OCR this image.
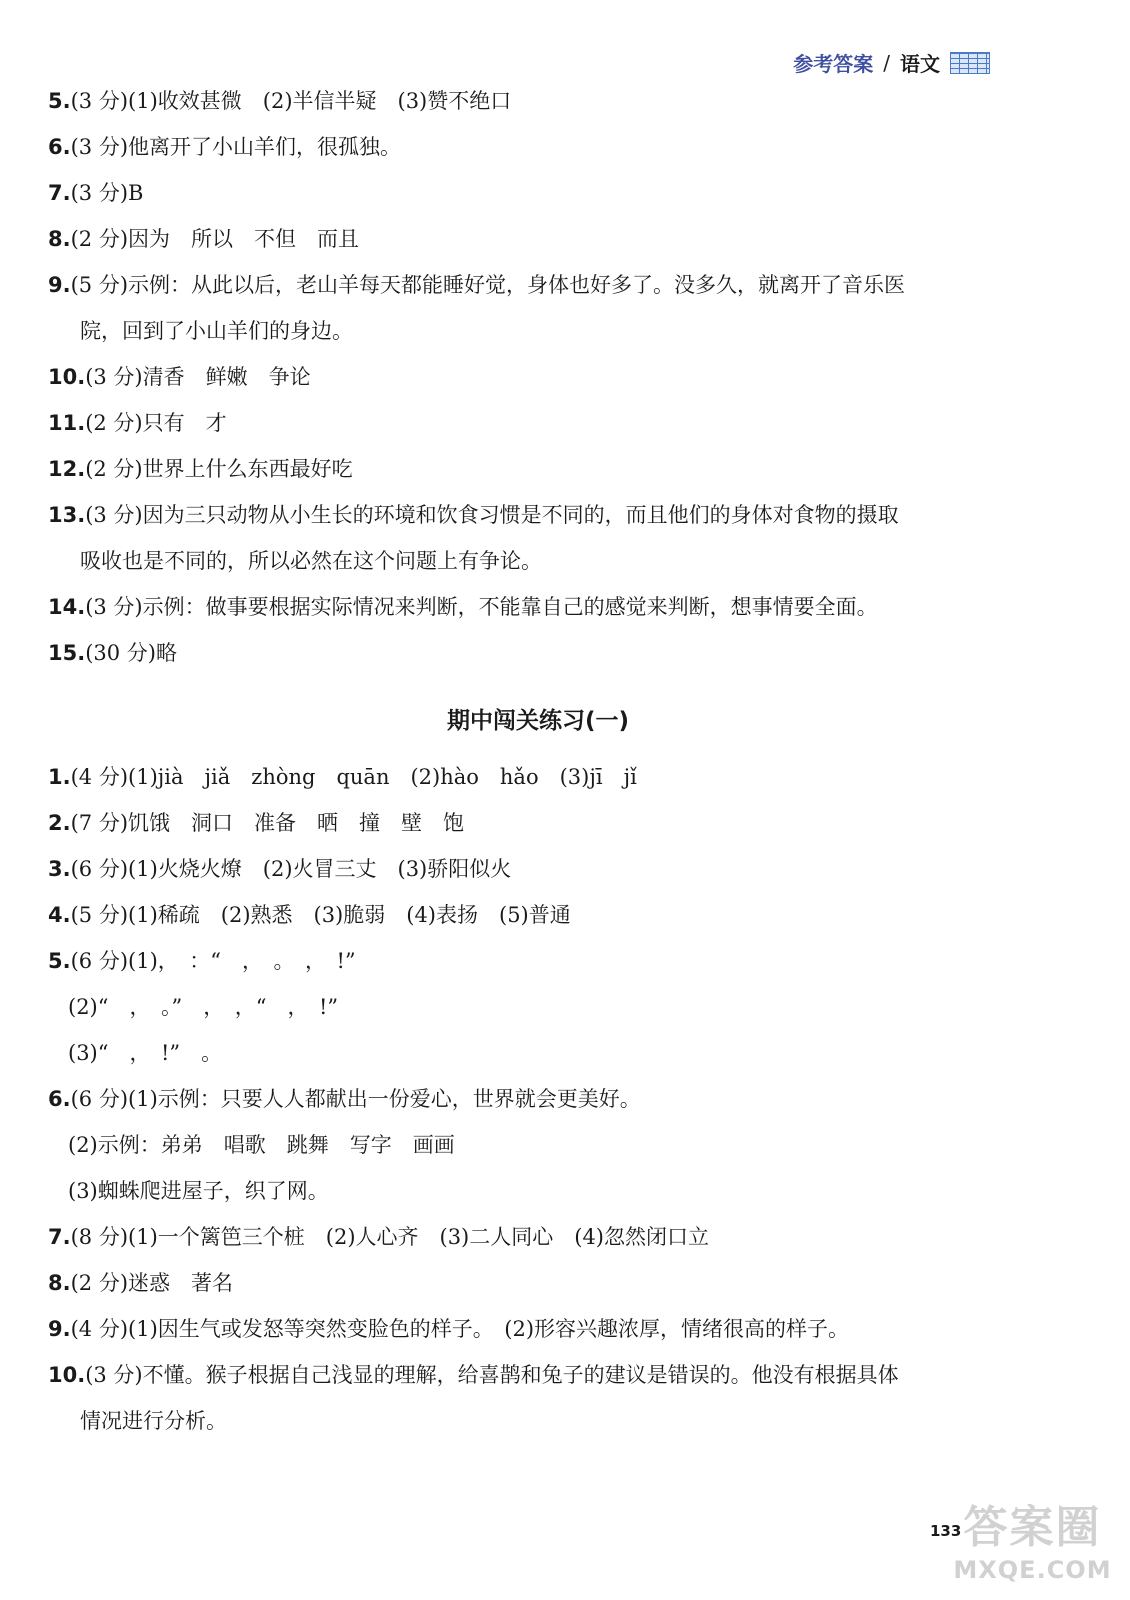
参考答案 / 语文
5.(3 分)(1)收效甚微　(2)半信半疑　(3)赞不绝口
6.(3 分)他离开了小山羊们，很孤独。
7.(3 分)B
8.(2 分)因为　所以　不但　而且
9.(5 分)示例：从此以后，老山羊每天都能睡好觉，身体也好多了。没多久，就离开了音乐医
院，回到了小山羊们的身边。
10.(3 分)清香　鲜嫩　争论
11.(2 分)只有　才
12.(2 分)世界上什么东西最好吃
13.(3 分)因为三只动物从小生长的环境和饮食习惯是不同的，而且他们的身体对食物的摄取
吸收也是不同的，所以必然在这个问题上有争论。
14.(3 分)示例：做事要根据实际情况来判断，不能靠自己的感觉来判断，想事情要全面。
15.(30 分)略
期中闯关练习(一)
1.(4 分)(1)jià　jiǎ　zhòng　quān　(2)hào　hǎo　(3)jī　jǐ
2.(7 分)饥饿　洞口　准备　晒　撞　壁　饱
3.(6 分)(1)火烧火燎　(2)火冒三丈　(3)骄阳似火
4.(5 分)(1)稀疏　(2)熟悉　(3)脆弱　(4)表扬　(5)普通
5.(6 分)(1)，　：“　，　。　，　!”
(2)“　，　。”　，　，“　，　!”
(3)“　，　!”　。
6.(6 分)(1)示例：只要人人都献出一份爱心，世界就会更美好。
(2)示例：弟弟　唱歌　跳舞　写字　画画
(3)蜘蛛爬进屋子，织了网。
7.(8 分)(1)一个篱笆三个桩　(2)人心齐　(3)二人同心　(4)忽然闭口立
8.(2 分)迷惑　著名
9.(4 分)(1)因生气或发怒等突然变脸色的样子。　(2)形容兴趣浓厚，情绪很高的样子。
10.(3 分)不懂。猴子根据自己浅显的理解，给喜鹊和兔子的建议是错误的。他没有根据具体
情况进行分析。
133 答案圈
MXQE.COM
